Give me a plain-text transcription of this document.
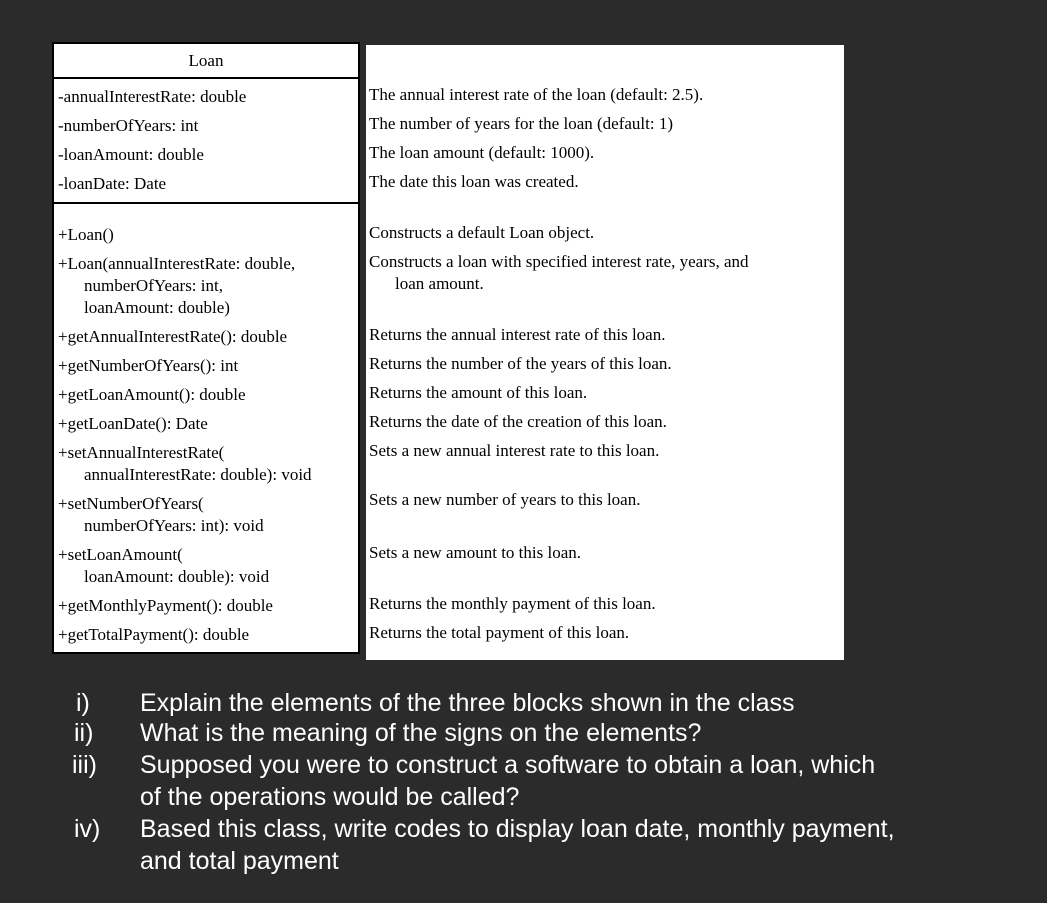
Loan

-annualInterestRate: double

-numberOfYears: int

-loanAmount: double

-loanDate: Date

+Loan()

+Loan(annualInterestRate: double,

numberOfYears: int,

loanAmount: double)

+getAnnualInterestRate(): double

+getNumberOfYears(): int

+getLoanAmount(): double

+getLoanDate(): Date

+setAnnualInterestRate(

annualInterestRate: double): void

+setNumberOfYears(

numberOfYears: int): void

+setLoanAmount(

loanAmount: double): void

+getMonthlyPayment(): double

+getTotalPayment(): double

The annual interest rate of the loan (default: 2.5).

The number of years for the loan (default: 1)

The loan amount (default: 1000).

The date this loan was created.

Constructs a default Loan object.

Constructs a loan with specified interest rate, years, and

loan amount.

Returns the annual interest rate of this loan.

Returns the number of the years of this loan.

Returns the amount of this loan.

Returns the date of the creation of this loan.

Sets a new annual interest rate to this loan.

Sets a new number of years to this loan.

Sets a new amount to this loan.

Returns the monthly payment of this loan.

Returns the total payment of this loan.

i) Explain the elements of the three blocks shown in the class
ii) What is the meaning of the signs on the elements?
iii) Supposed you were to construct a software to obtain a loan, which
of the operations would be called?
iv) Based this class, write codes to display loan date, monthly payment,
and total payment
